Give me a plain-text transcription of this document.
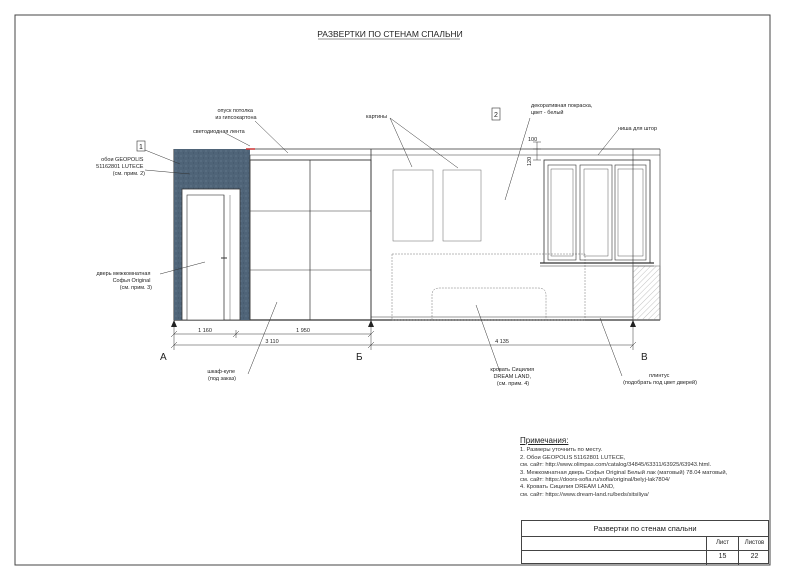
РАЗВЕРТКИ ПО СТЕНАМ СПАЛЬНИ
100
120
1 160	1 950
3 110	4 135
А	Б	В
1
2
обои GEOPOLIS 51162801 LUTECE (см. прим. 2)
опуск потолка из гипсокартона
светодиодная лента
дверь межкомнатная Софья Original (см. прим. 3)
шкаф-купе (под заказ)
картины
декоративная покраска, цвет - белый
ниша для штор
кровать Сицилия DREAM LAND, (см. прим. 4)
плинтус (подобрать под цвет дверей)
Примечания:
1. Размеры уточнить по месту.
2. Обои GEOPOLIS 51162801 LUTECE,
см. сайт: http://www.olimpas.com/catalog/34845/63311/63925/63943.html.
3. Межкомнатная дверь Софья Original Белый лак (матовый) 78.04 матовый,
см. сайт: https://doors-sofia.ru/sofia/original/belyj-lak7804/
4. Кровать Сицилия DREAM LAND,
см. сайт: https://www.dream-land.ru/beds/sitsiliya/
Развертки по стенам спальни
Лист	Листов
15	22
